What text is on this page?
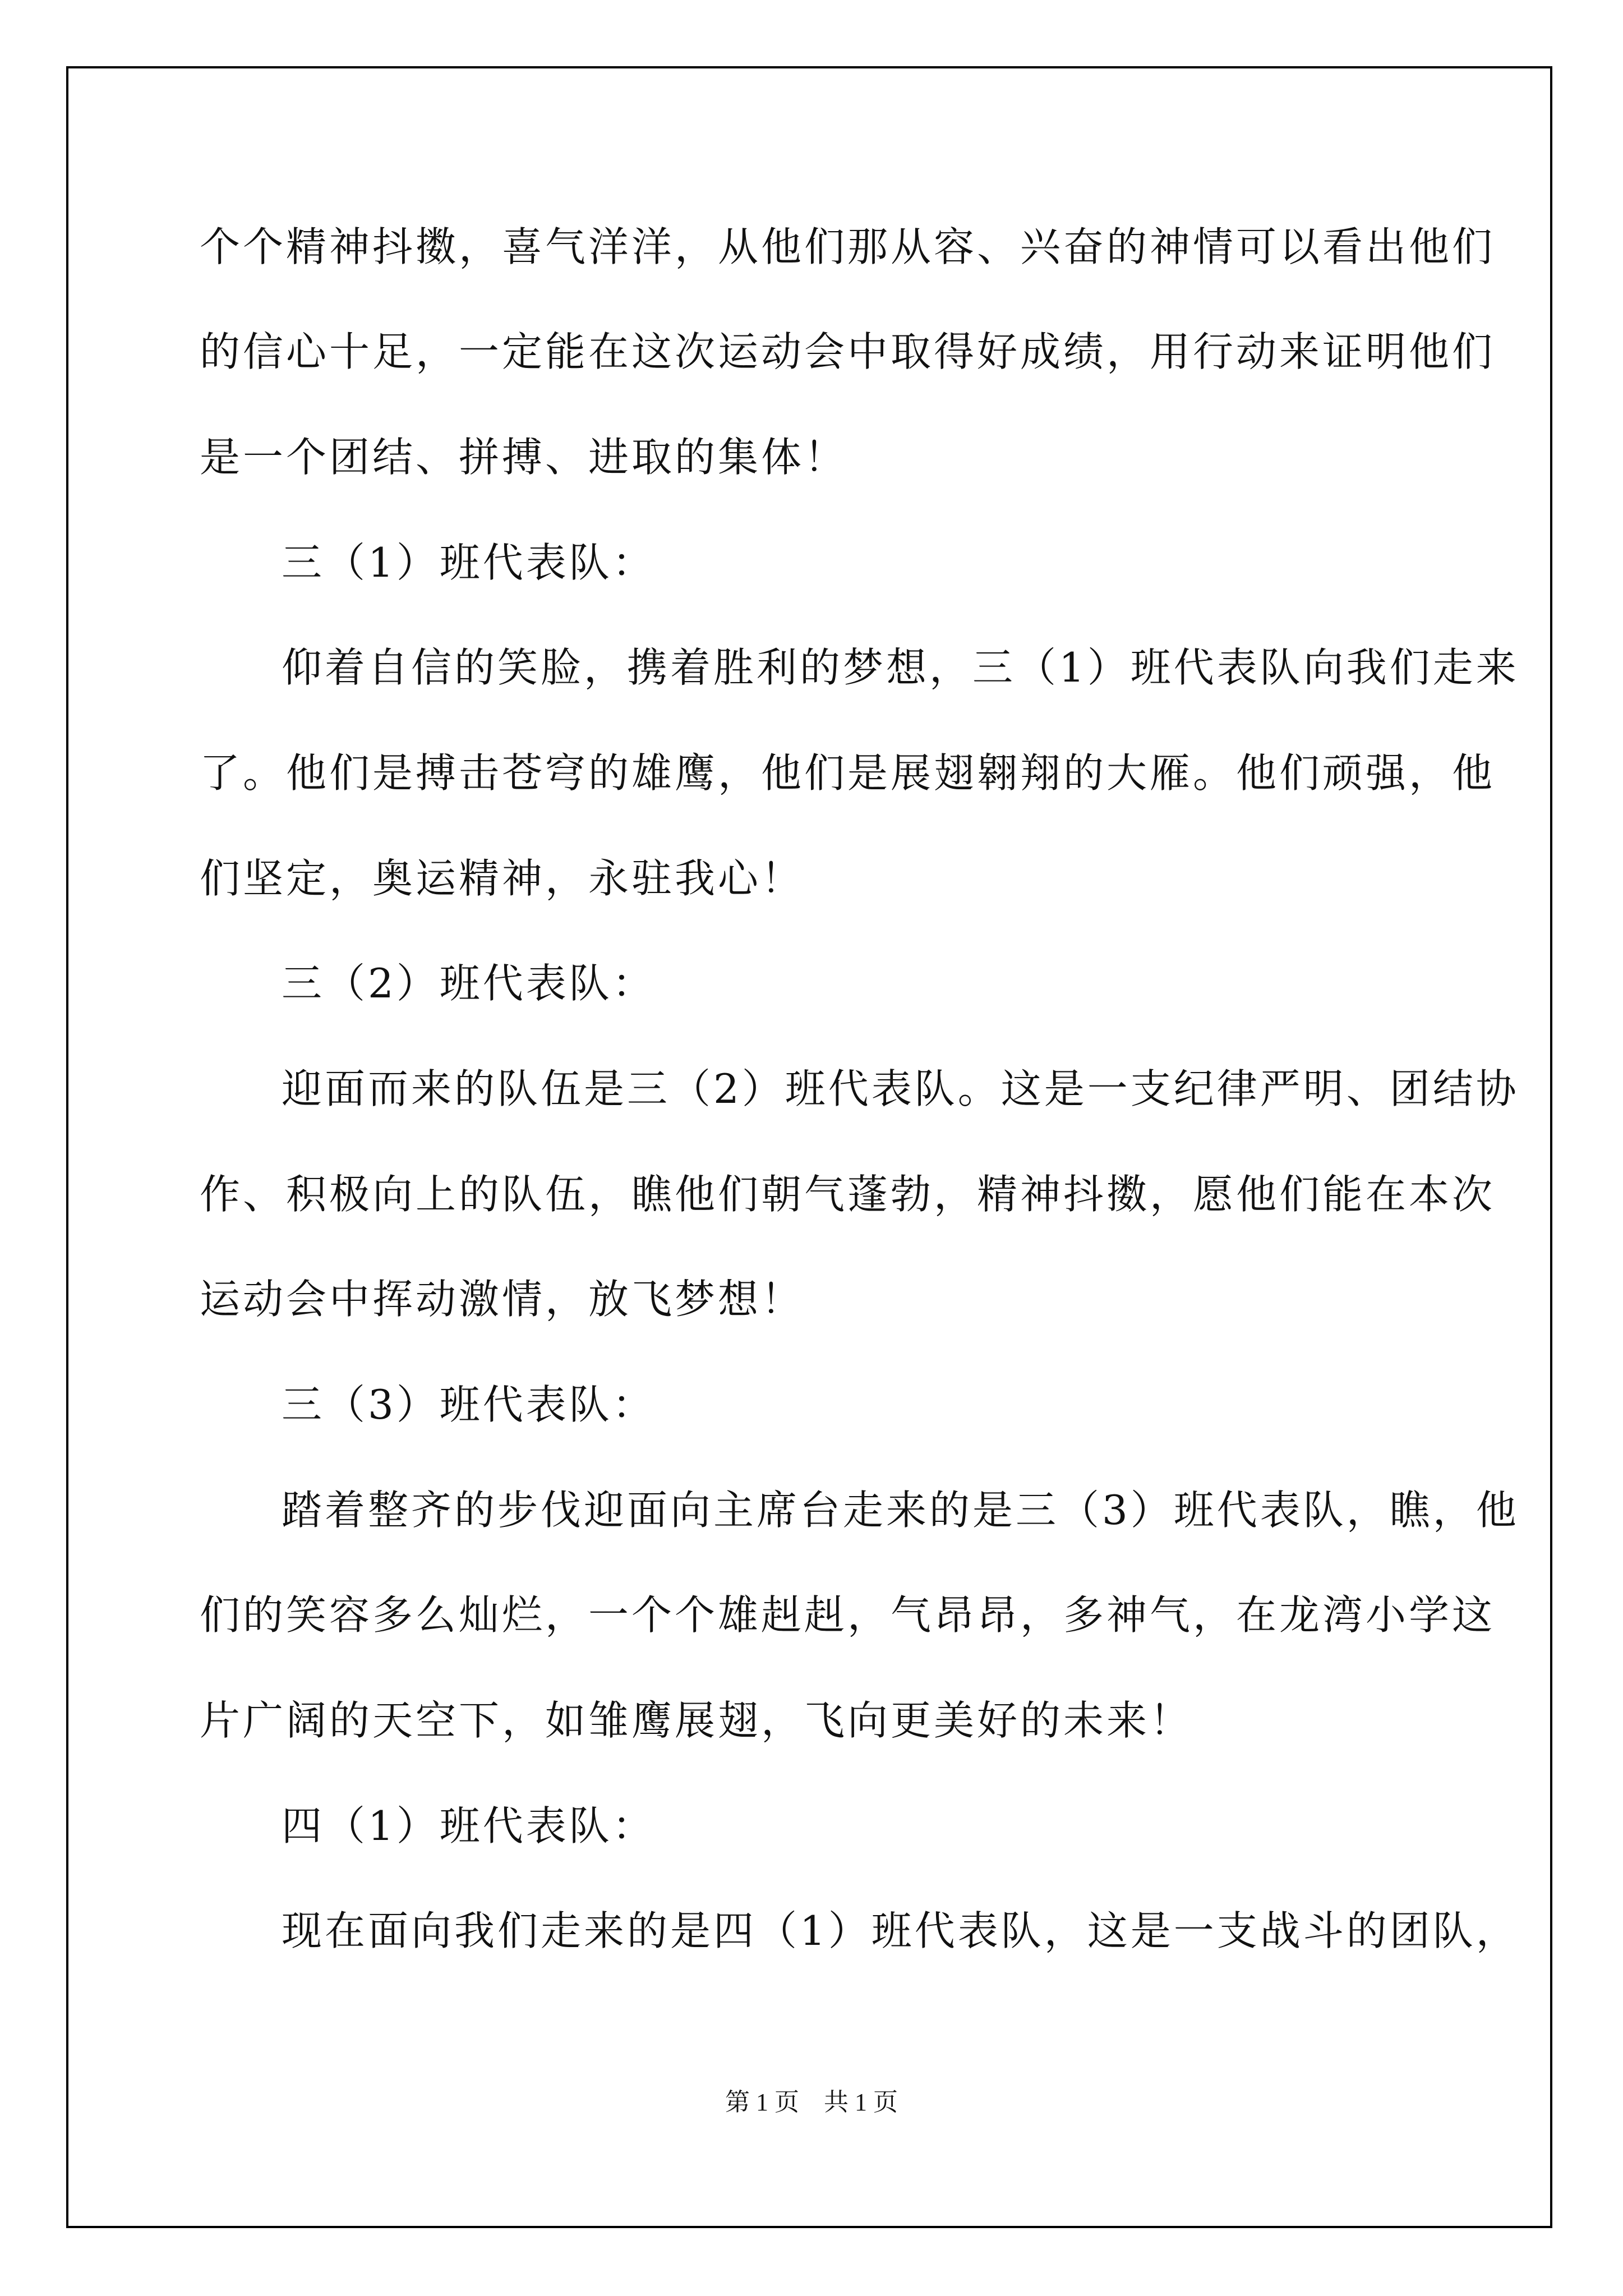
个个精神抖擞，喜气洋洋，从他们那从容、兴奋的神情可以看出他们
的信心十足，一定能在这次运动会中取得好成绩，用行动来证明他们
是一个团结、拼搏、进取的集体！
三（1）班代表队：
仰着自信的笑脸，携着胜利的梦想，三（1）班代表队向我们走来
了。他们是搏击苍穹的雄鹰，他们是展翅翱翔的大雁。他们顽强，他
们坚定，奥运精神，永驻我心！
三（2）班代表队：
迎面而来的队伍是三（2）班代表队。这是一支纪律严明、团结协
作、积极向上的队伍，瞧他们朝气蓬勃，精神抖擞，愿他们能在本次
运动会中挥动激情，放飞梦想！
三（3）班代表队：
踏着整齐的步伐迎面向主席台走来的是三（3）班代表队，瞧，他
们的笑容多么灿烂，一个个雄赳赳，气昂昂，多神气，在龙湾小学这
片广阔的天空下，如雏鹰展翅，飞向更美好的未来！
四（1）班代表队：
现在面向我们走来的是四（1）班代表队，这是一支战斗的团队，
第 1 页　共 1 页
